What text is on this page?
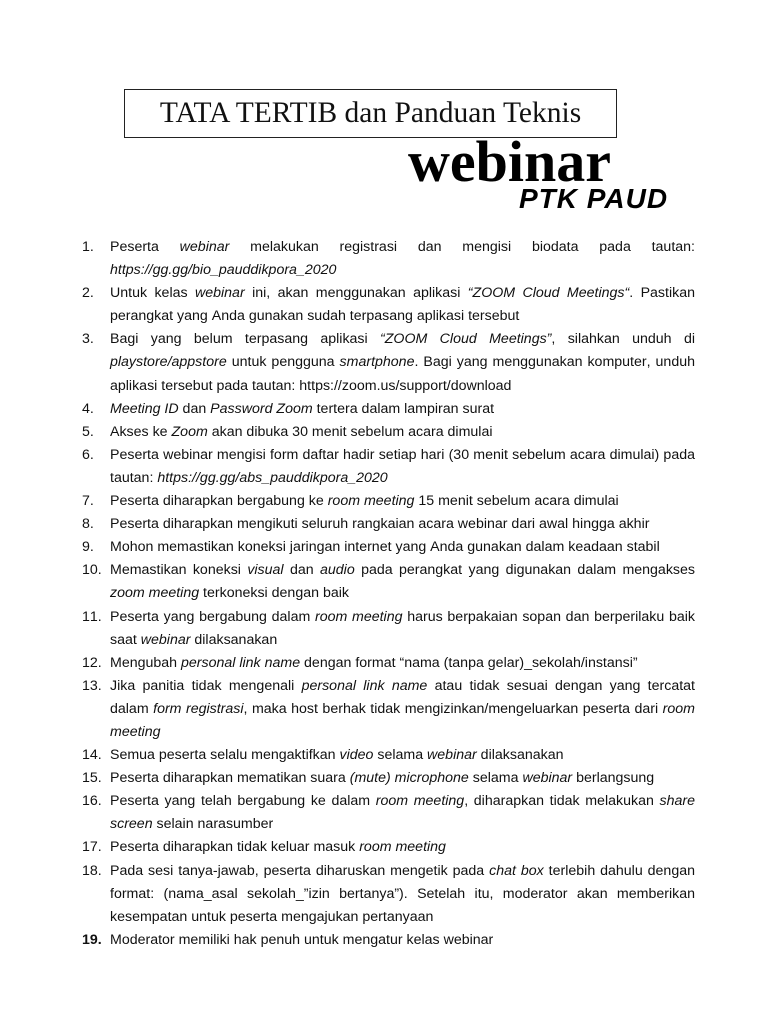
TATA TERTIB dan Panduan Teknis
webinar
PTK PAUD
1. Peserta webinar melakukan registrasi dan mengisi biodata pada tautan:
https://gg.gg/bio_pauddikpora_2020
2. Untuk kelas webinar ini, akan menggunakan aplikasi “ZOOM Cloud Meetings“. Pastikan
perangkat yang Anda gunakan sudah terpasang aplikasi tersebut
3. Bagi yang belum terpasang aplikasi “ZOOM Cloud Meetings”, silahkan unduh di
playstore/appstore untuk pengguna smartphone. Bagi yang menggunakan komputer, unduh
aplikasi tersebut pada tautan: https://zoom.us/support/download
4. Meeting ID dan Password Zoom tertera dalam lampiran surat
5. Akses ke Zoom akan dibuka 30 menit sebelum acara dimulai
6. Peserta webinar mengisi form daftar hadir setiap hari (30 menit sebelum acara dimulai) pada
tautan: https://gg.gg/abs_pauddikpora_2020
7. Peserta diharapkan bergabung ke room meeting 15 menit sebelum acara dimulai
8. Peserta diharapkan mengikuti seluruh rangkaian acara webinar dari awal hingga akhir
9. Mohon memastikan koneksi jaringan internet yang Anda gunakan dalam keadaan stabil
10. Memastikan koneksi visual dan audio pada perangkat yang digunakan dalam mengakses
zoom meeting terkoneksi dengan baik
11. Peserta yang bergabung dalam room meeting harus berpakaian sopan dan berperilaku baik
saat webinar dilaksanakan
12. Mengubah personal link name dengan format “nama (tanpa gelar)_sekolah/instansi”
13. Jika panitia tidak mengenali personal link name atau tidak sesuai dengan yang tercatat
dalam form registrasi, maka host berhak tidak mengizinkan/mengeluarkan peserta dari room
meeting
14. Semua peserta selalu mengaktifkan video selama webinar dilaksanakan
15. Peserta diharapkan mematikan suara (mute) microphone selama webinar berlangsung
16. Peserta yang telah bergabung ke dalam room meeting, diharapkan tidak melakukan share
screen selain narasumber
17. Peserta diharapkan tidak keluar masuk room meeting
18. Pada sesi tanya-jawab, peserta diharuskan mengetik pada chat box terlebih dahulu dengan
format: (nama_asal sekolah_”izin bertanya”). Setelah itu, moderator akan memberikan
kesempatan untuk peserta mengajukan pertanyaan
19. Moderator memiliki hak penuh untuk mengatur kelas webinar
